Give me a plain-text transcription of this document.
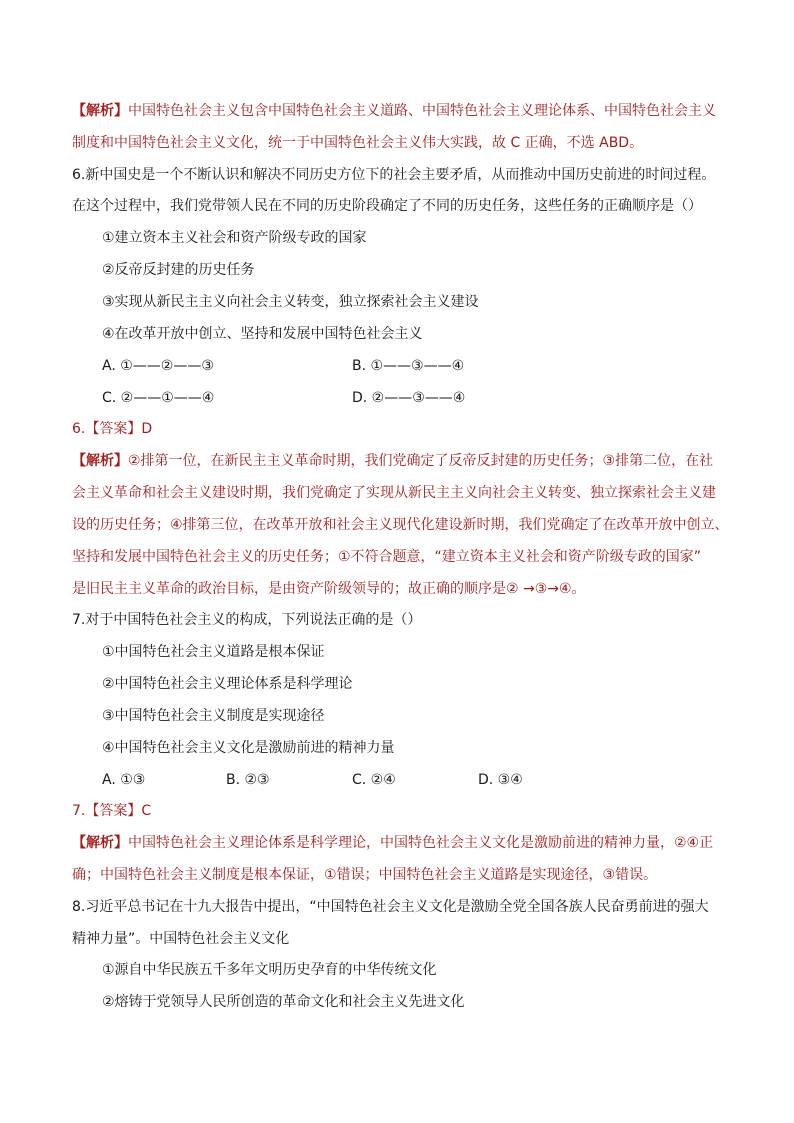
【解析】中国特色社会主义包含中国特色社会主义道路、中国特色社会主义理论体系、中国特色社会主义
制度和中国特色社会主义文化，统一于中国特色社会主义伟大实践，故 C 正确，不选 ABD。
6.新中国史是一个不断认识和解决不同历史方位下的社会主要矛盾，从而推动中国历史前进的时间过程。
在这个过程中，我们党带领人民在不同的历史阶段确定了不同的历史任务，这些任务的正确顺序是（）
①建立资本主义社会和资产阶级专政的国家
②反帝反封建的历史任务
③实现从新民主主义向社会主义转变，独立探索社会主义建设
④在改革开放中创立、坚持和发展中国特色社会主义
A. ①——②——③	B. ①——③——④
C. ②——①——④	D. ②——③——④
6.【答案】D
【解析】②排第一位，在新民主主义革命时期，我们党确定了反帝反封建的历史任务；③排第二位，在社
会主义革命和社会主义建设时期，我们党确定了实现从新民主主义向社会主义转变、独立探索社会主义建
设的历史任务；④排第三位，在改革开放和社会主义现代化建设新时期，我们党确定了在改革开放中创立、
坚持和发展中国特色社会主义的历史任务；①不符合题意，“建立资本主义社会和资产阶级专政的国家”
是旧民主主义革命的政治目标，是由资产阶级领导的；故正确的顺序是② →③→④。
7.对于中国特色社会主义的构成，下列说法正确的是（）
①中国特色社会主义道路是根本保证
②中国特色社会主义理论体系是科学理论
③中国特色社会主义制度是实现途径
④中国特色社会主义文化是激励前进的精神力量
A. ①③	B. ②③	C. ②④	D. ③④
7.【答案】C
【解析】中国特色社会主义理论体系是科学理论，中国特色社会主义文化是激励前进的精神力量，②④正
确；中国特色社会主义制度是根本保证，①错误；中国特色社会主义道路是实现途径，③错误。
8.习近平总书记在十九大报告中提出，“中国特色社会主义文化是激励全党全国各族人民奋勇前进的强大
精神力量”。中国特色社会主义文化
①源自中华民族五千多年文明历史孕育的中华传统文化
②熔铸于党领导人民所创造的革命文化和社会主义先进文化
